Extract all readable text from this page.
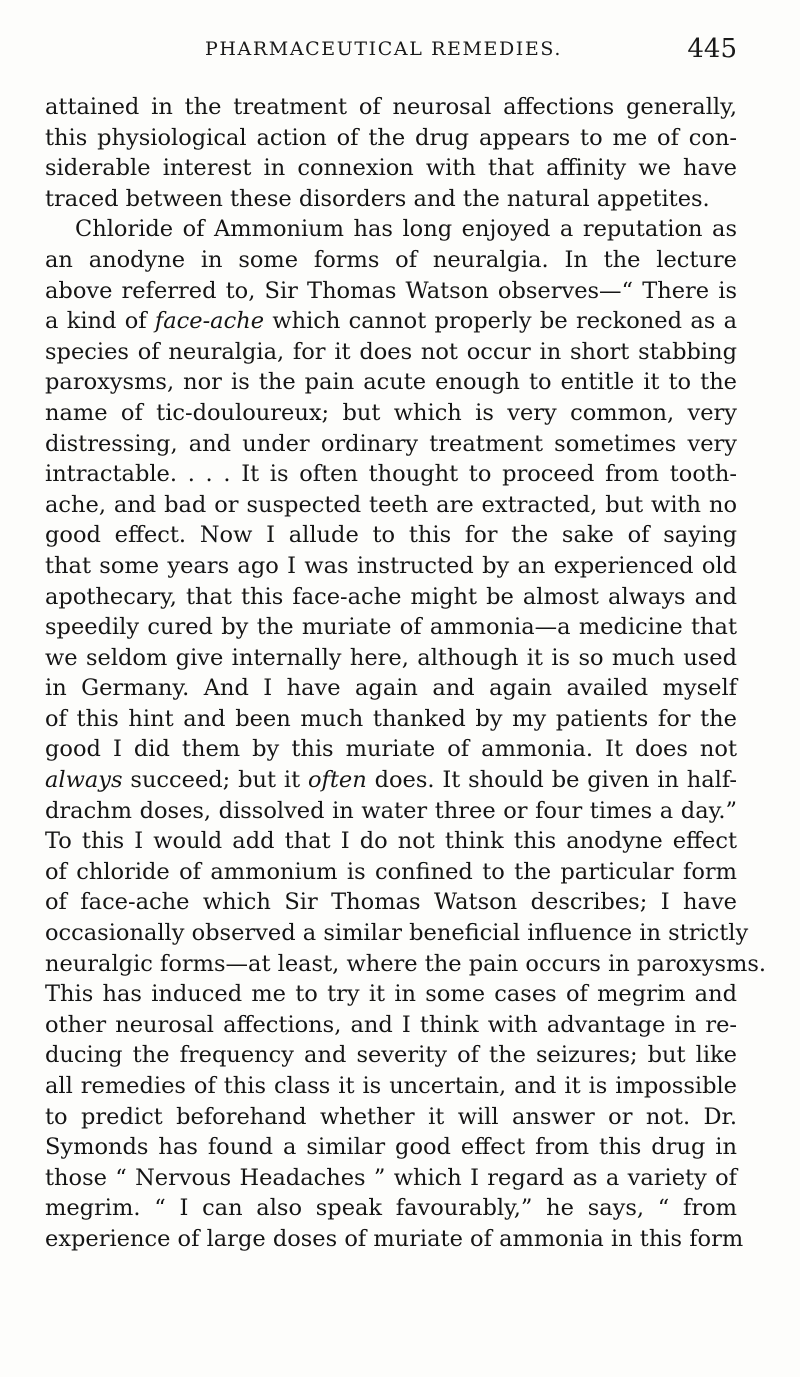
PHARMACEUTICAL REMEDIES.	445
attained in the treatment of neurosal affections generally,
this physiological action of the drug appears to me of con-
siderable interest in connexion with that affinity we have
traced between these disorders and the natural appetites.
Chloride of Ammonium has long enjoyed a reputation as
an anodyne in some forms of neuralgia. In the lecture
above referred to, Sir Thomas Watson observes—“ There is
a kind of face-ache which cannot properly be reckoned as a
species of neuralgia, for it does not occur in short stabbing
paroxysms, nor is the pain acute enough to entitle it to the
name of tic-douloureux; but which is very common, very
distressing, and under ordinary treatment sometimes very
intractable. . . . It is often thought to proceed from tooth-
ache, and bad or suspected teeth are extracted, but with no
good effect. Now I allude to this for the sake of saying
that some years ago I was instructed by an experienced old
apothecary, that this face-ache might be almost always and
speedily cured by the muriate of ammonia—a medicine that
we seldom give internally here, although it is so much used
in Germany. And I have again and again availed myself
of this hint and been much thanked by my patients for the
good I did them by this muriate of ammonia. It does not
always succeed; but it often does. It should be given in half-
drachm doses, dissolved in water three or four times a day.”
To this I would add that I do not think this anodyne effect
of chloride of ammonium is confined to the particular form
of face-ache which Sir Thomas Watson describes; I have
occasionally observed a similar beneficial influence in strictly
neuralgic forms—at least, where the pain occurs in paroxysms.
This has induced me to try it in some cases of megrim and
other neurosal affections, and I think with advantage in re-
ducing the frequency and severity of the seizures; but like
all remedies of this class it is uncertain, and it is impossible
to predict beforehand whether it will answer or not. Dr.
Symonds has found a similar good effect from this drug in
those “ Nervous Headaches ” which I regard as a variety of
megrim. “ I can also speak favourably,” he says, “ from
experience of large doses of muriate of ammonia in this form
